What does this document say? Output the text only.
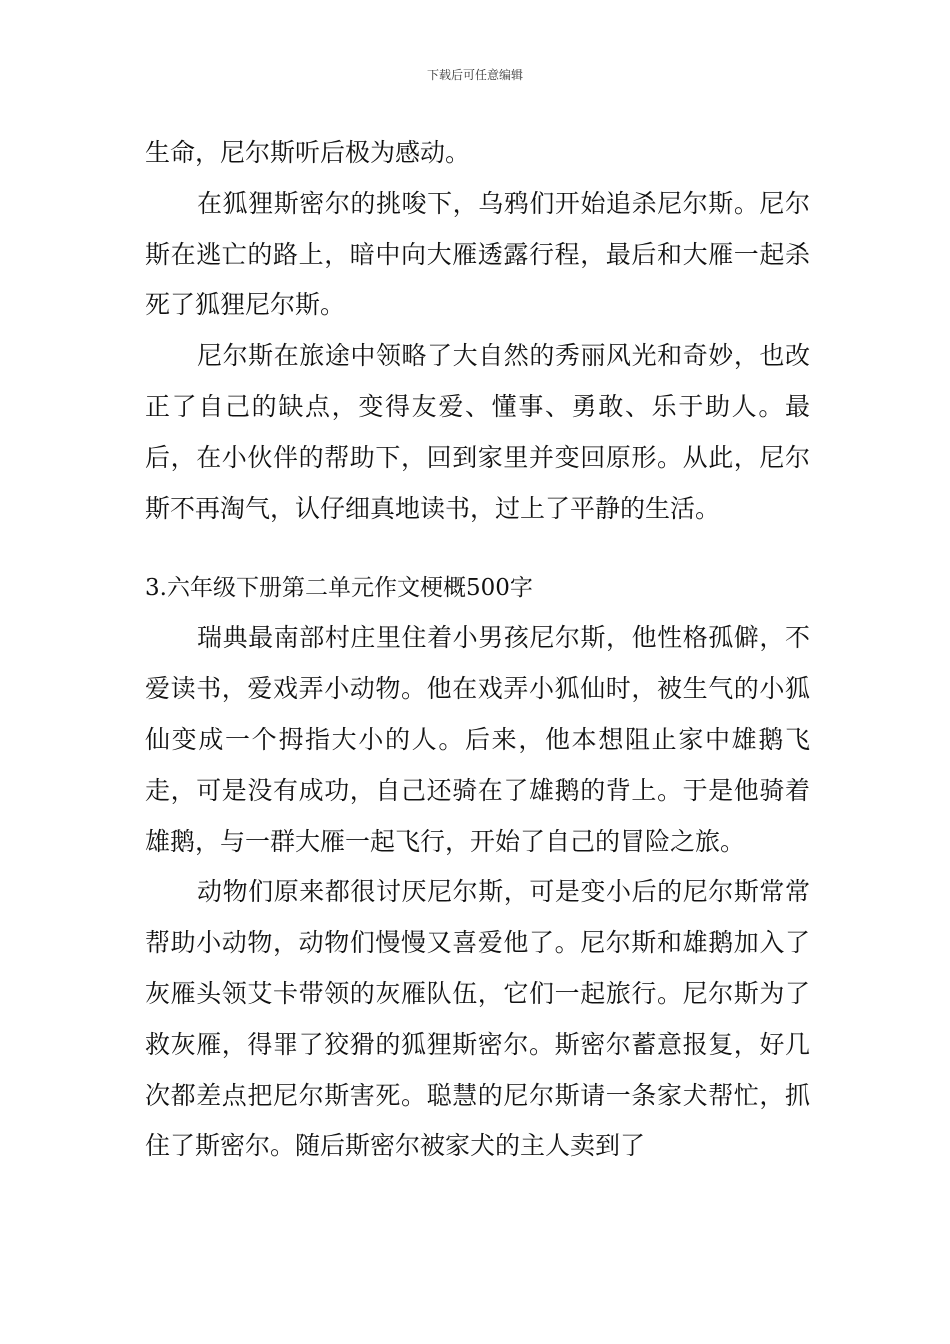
下载后可任意编辑

生命，尼尔斯听后极为感动。

在狐狸斯密尔的挑唆下，乌鸦们开始追杀尼尔斯。尼尔斯在逃亡的路上，暗中向大雁透露行程，最后和大雁一起杀死了狐狸尼尔斯。

尼尔斯在旅途中领略了大自然的秀丽风光和奇妙，也改正了自己的缺点，变得友爱、懂事、勇敢、乐于助人。最后，在小伙伴的帮助下，回到家里并变回原形。从此，尼尔斯不再淘气，认仔细真地读书，过上了平静的生活。

3.六年级下册第二单元作文梗概500字

瑞典最南部村庄里住着小男孩尼尔斯，他性格孤僻，不爱读书，爱戏弄小动物。他在戏弄小狐仙时，被生气的小狐仙变成一个拇指大小的人。后来，他本想阻止家中雄鹅飞走，可是没有成功，自己还骑在了雄鹅的背上。于是他骑着雄鹅，与一群大雁一起飞行，开始了自己的冒险之旅。

动物们原来都很讨厌尼尔斯，可是变小后的尼尔斯常常帮助小动物，动物们慢慢又喜爱他了。尼尔斯和雄鹅加入了灰雁头领艾卡带领的灰雁队伍，它们一起旅行。尼尔斯为了救灰雁，得罪了狡猾的狐狸斯密尔。斯密尔蓄意报复，好几次都差点把尼尔斯害死。聪慧的尼尔斯请一条家犬帮忙，抓住了斯密尔。随后斯密尔被家犬的主人卖到了
